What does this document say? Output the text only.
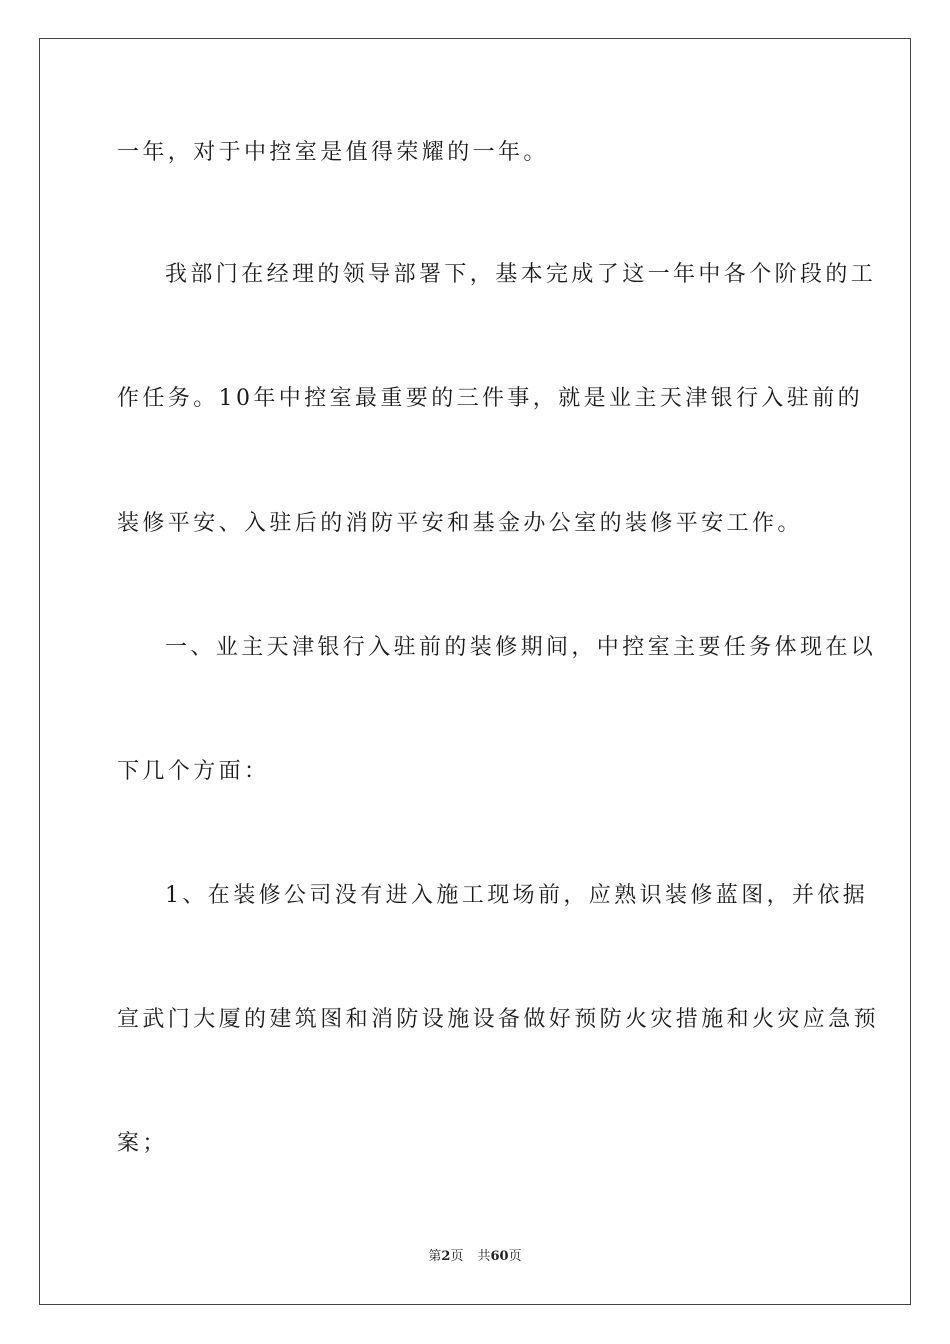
一年，对于中控室是值得荣耀的一年。

我部门在经理的领导部署下，基本完成了这一年中各个阶段的工

作任务。10年中控室最重要的三件事，就是业主天津银行入驻前的

装修平安、入驻后的消防平安和基金办公室的装修平安工作。

一、业主天津银行入驻前的装修期间，中控室主要任务体现在以

下几个方面：

1、在装修公司没有进入施工现场前，应熟识装修蓝图，并依据

宣武门大厦的建筑图和消防设施设备做好预防火灾措施和火灾应急预

案；

第2页 共60页
